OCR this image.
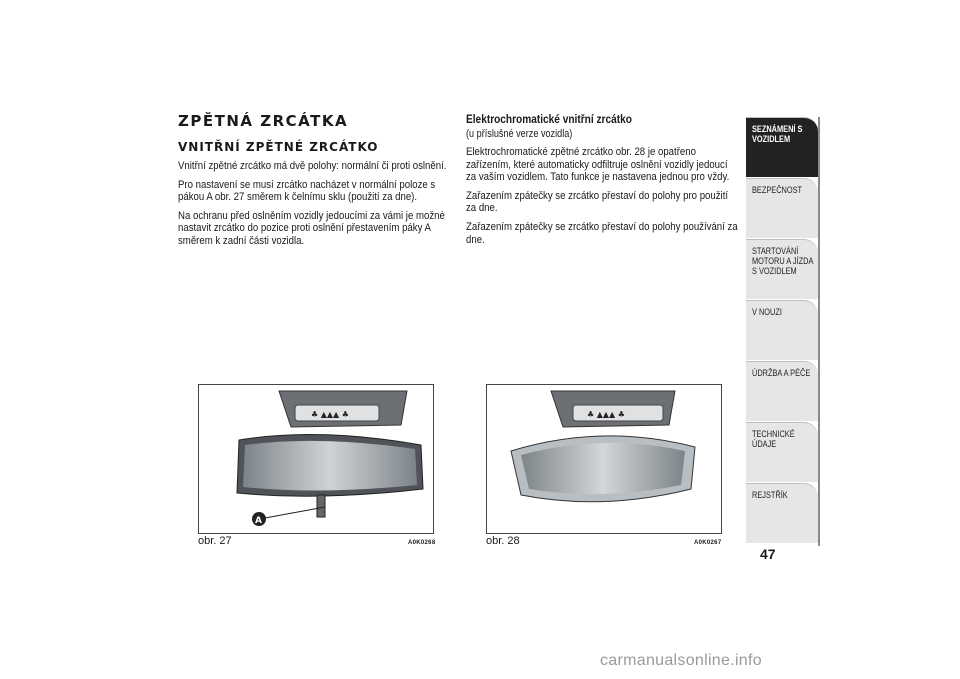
ZPĚTNÁ ZRCÁTKA
VNITŘNÍ ZPĚTNÉ ZRCÁTKO

Vnitřní zpětné zrcátko má dvě polohy: normální či proti oslnění.

Pro nastavení se musí zrcátko nacházet v normální poloze s pákou A obr. 27 směrem k čelnímu sklu (použití za dne).

Na ochranu před oslněním vozidly jedoucími za vámi je možné nastavit zrcátko do pozice proti oslnění přestavením páky A směrem k zadní části vozidla.

Elektrochromatické vnitřní zrcátko
(u příslušné verze vozidla)

Elektrochromatické zpětné zrcátko obr. 28 je opatřeno zařízením, které automaticky odfiltruje oslnění vozidly jedoucí za vaším vozidlem. Tato funkce je nastavena jednou pro vždy.

Zařazením zpátečky se zrcátko přestaví do polohy pro použití za dne.

Zařazením zpátečky se zrcátko přestaví do polohy používání za dne.

♣ ▲▲▲ ♣
A
obr. 27	A0K0268
♣ ▲▲▲ ♣
obr. 28	A0K0267
SEZNÁMENÍ S VOZIDLEM
BEZPEČNOST
STARTOVÁNÍ MOTORU A JÍZDA S VOZIDLEM
V NOUZI
ÚDRŽBA A PÉČE
TECHNICKÉ ÚDAJE
REJSTŘÍK
47
carmanualsonline.info
